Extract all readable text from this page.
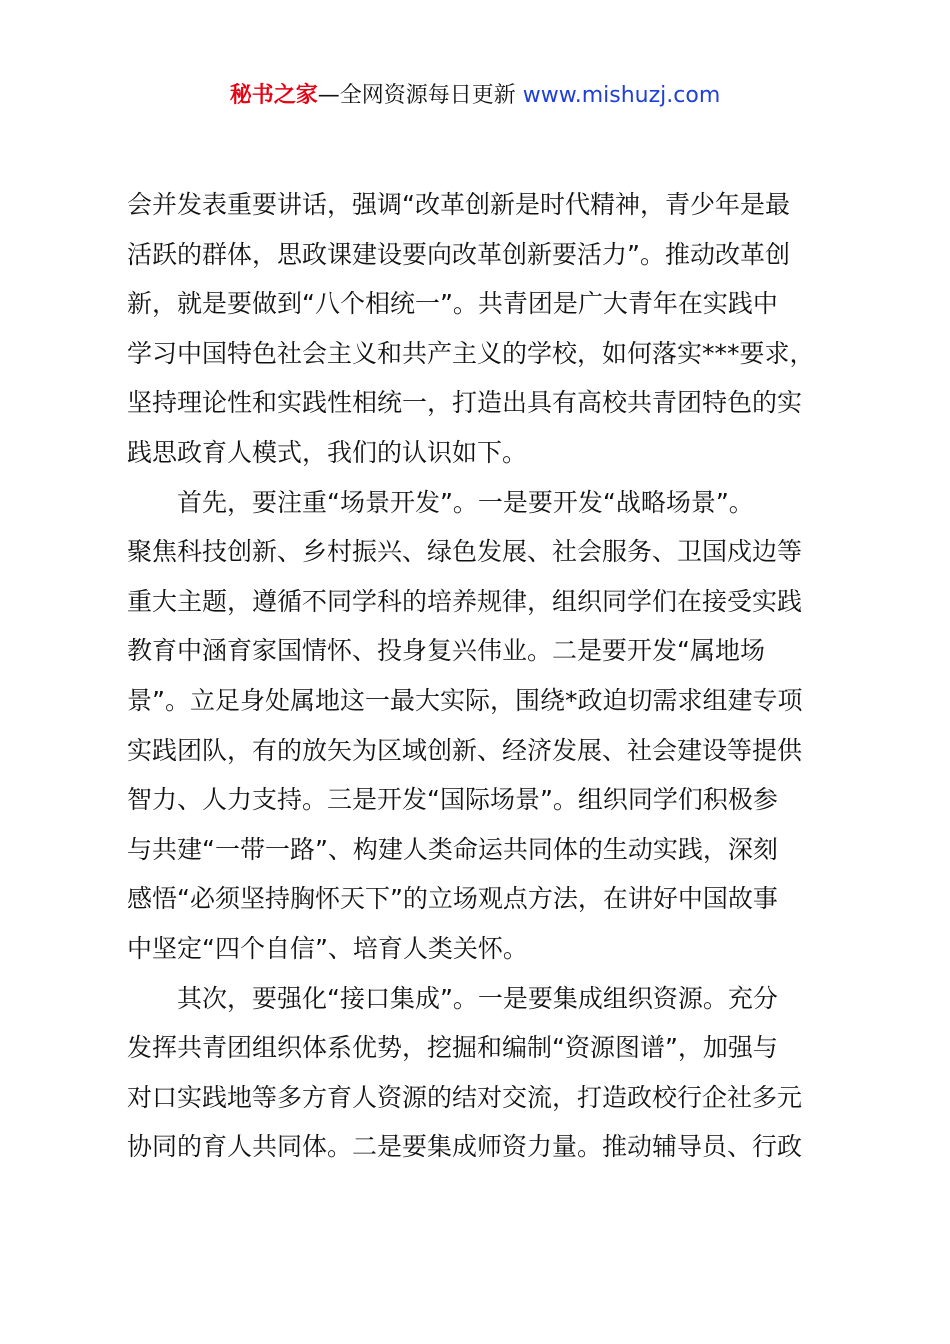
秘书之家—全网资源每日更新 www.mishuzj.com
会并发表重要讲话，强调“改革创新是时代精神，青少年是最
活跃的群体，思政课建设要向改革创新要活力”。推动改革创
新，就是要做到“八个相统一”。共青团是广大青年在实践中
学习中国特色社会主义和共产主义的学校，如何落实***要求，
坚持理论性和实践性相统一，打造出具有高校共青团特色的实
践思政育人模式，我们的认识如下。
首先，要注重“场景开发”。一是要开发“战略场景”。
聚焦科技创新、乡村振兴、绿色发展、社会服务、卫国戍边等
重大主题，遵循不同学科的培养规律，组织同学们在接受实践
教育中涵育家国情怀、投身复兴伟业。二是要开发“属地场
景”。立足身处属地这一最大实际，围绕*政迫切需求组建专项
实践团队，有的放矢为区域创新、经济发展、社会建设等提供
智力、人力支持。三是开发“国际场景”。组织同学们积极参
与共建“一带一路”、构建人类命运共同体的生动实践，深刻
感悟“必须坚持胸怀天下”的立场观点方法，在讲好中国故事
中坚定“四个自信”、培育人类关怀。
其次，要强化“接口集成”。一是要集成组织资源。充分
发挥共青团组织体系优势，挖掘和编制“资源图谱”，加强与
对口实践地等多方育人资源的结对交流，打造政校行企社多元
协同的育人共同体。二是要集成师资力量。推动辅导员、行政
